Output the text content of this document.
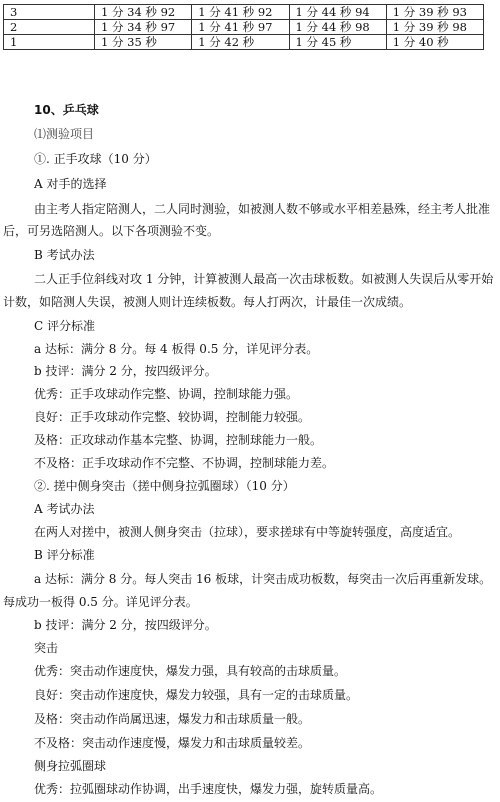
3	1 分 34 秒 92	1 分 41 秒 92	1 分 44 秒 94	1 分 39 秒 93
2	1 分 34 秒 97	1 分 41 秒 97	1 分 44 秒 98	1 分 39 秒 98
1	1 分 35 秒	1 分 42 秒	1 分 45 秒	1 分 40 秒
10、乒乓球
⑴测验项目
①. 正手攻球（10 分）
A 对手的选择
由主考人指定陪测人，二人同时测验，如被测人数不够或水平相差悬殊，经主考人批准
后，可另选陪测人。以下各项测验不变。
B 考试办法
二人正手位斜线对攻 1 分钟，计算被测人最高一次击球板数。如被测人失误后从零开始
计数，如陪测人失误，被测人则计连续板数。每人打两次，计最佳一次成绩。
C 评分标准
a 达标：满分 8 分。每 4 板得 0.5 分，详见评分表。
b 技评：满分 2 分，按四级评分。
优秀：正手攻球动作完整、协调，控制球能力强。
良好：正手攻球动作完整、较协调，控制能力较强。
及格：正攻球动作基本完整、协调，控制球能力一般。
不及格：正手攻球动作不完整、不协调，控制球能力差。
②. 搓中侧身突击（搓中侧身拉弧圈球）（10 分）
A 考试办法
在两人对搓中，被测人侧身突击（拉球），要求搓球有中等旋转强度，高度适宜。
B 评分标准
a 达标：满分 8 分。每人突击 16 板球，计突击成功板数，每突击一次后再重新发球。
每成功一板得 0.5 分。详见评分表。
b 技评：满分 2 分，按四级评分。
突击
优秀：突击动作速度快，爆发力强，具有较高的击球质量。
良好：突击动作速度快，爆发力较强，具有一定的击球质量。
及格：突击动作尚属迅速，爆发力和击球质量一般。
不及格：突击动作速度慢，爆发力和击球质量较差。
侧身拉弧圈球
优秀：拉弧圈球动作协调，出手速度快，爆发力强，旋转质量高。
